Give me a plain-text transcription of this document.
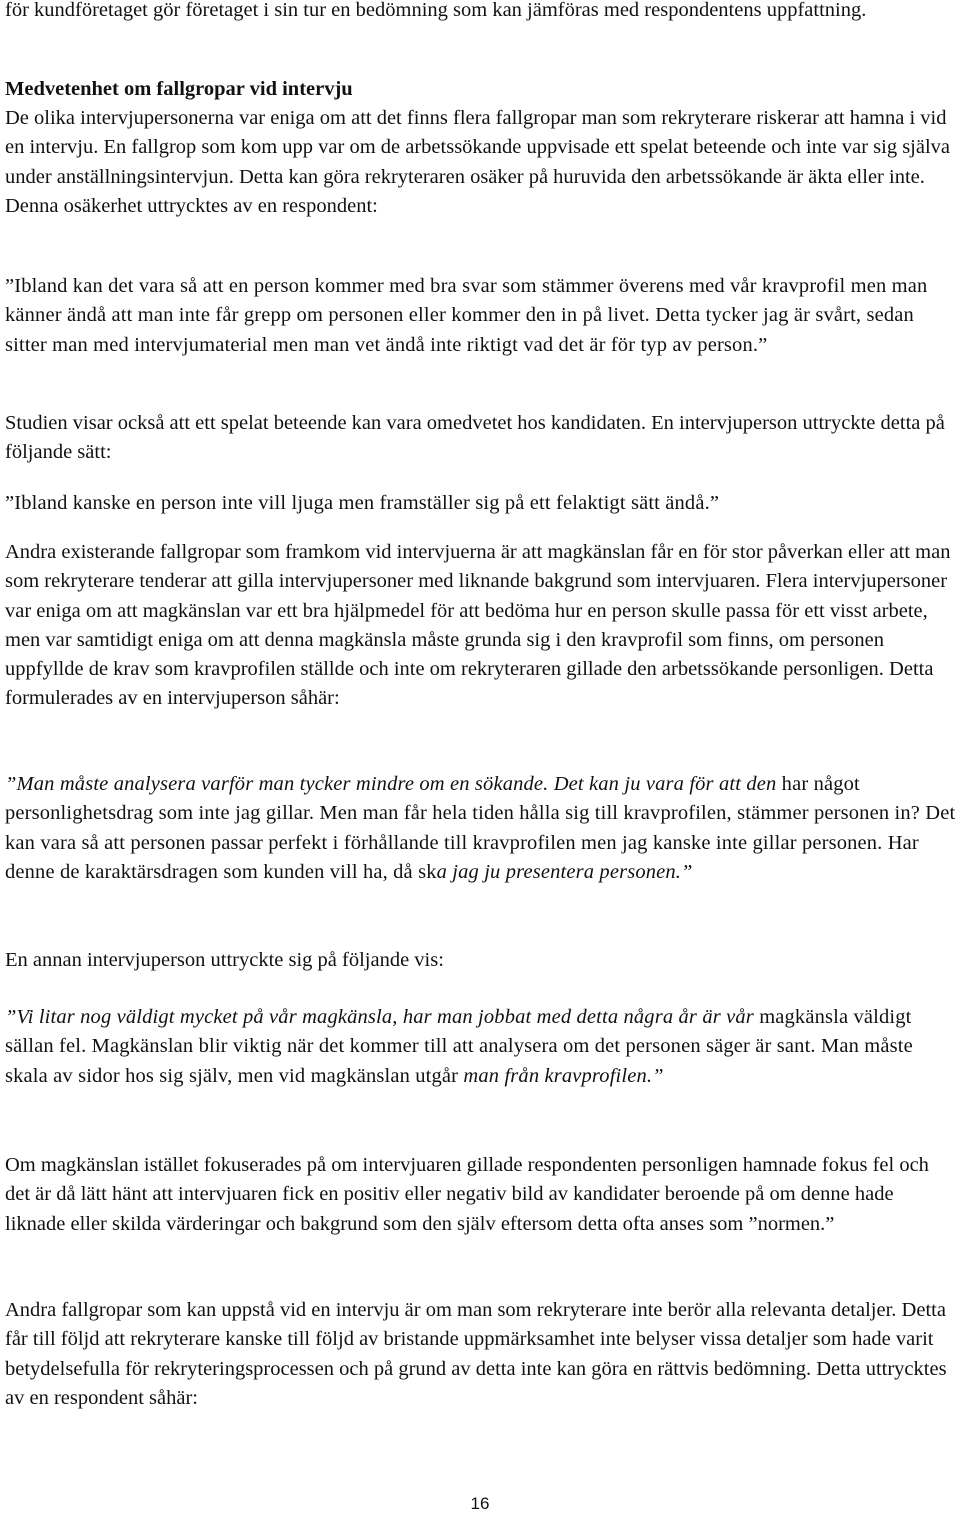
för kundföretaget gör företaget i sin tur en bedömning som kan jämföras med respondentens uppfattning.

Medvetenhet om fallgropar vid intervju

De olika intervjupersonerna var eniga om att det finns flera fallgropar man som rekryterare riskerar att hamna i vid en intervju. En fallgrop som kom upp var om de arbetssökande uppvisade ett spelat beteende och inte var sig själva under anställningsintervjun. Detta kan göra rekryteraren osäker på huruvida den arbetssökande är äkta eller inte. Denna osäkerhet uttrycktes av en respondent:

”Ibland kan det vara så att en person kommer med bra svar som stämmer överens med vår kravprofil men man känner ändå att man inte får grepp om personen eller kommer den in på livet. Detta tycker jag är svårt, sedan sitter man med intervjumaterial men man vet ändå inte riktigt vad det är för typ av person.”

Studien visar också att ett spelat beteende kan vara omedvetet hos kandidaten. En intervjuperson uttryckte detta på följande sätt:

”Ibland kanske en person inte vill ljuga men framställer sig på ett felaktigt sätt ändå.”

Andra existerande fallgropar som framkom vid intervjuerna är att magkänslan får en för stor påverkan eller att man som rekryterare tenderar att gilla intervjupersoner med liknande bakgrund som intervjuaren. Flera intervjupersoner var eniga om att magkänslan var ett bra hjälpmedel för att bedöma hur en person skulle passa för ett visst arbete, men var samtidigt eniga om att denna magkänsla måste grunda sig i den kravprofil som finns, om personen uppfyllde de krav som kravprofilen ställde och inte om rekryteraren gillade den arbetssökande personligen. Detta formulerades av en intervjuperson såhär:

”Man måste analysera varför man tycker mindre om en sökande. Det kan ju vara för att den har något personlighetsdrag som inte jag gillar. Men man får hela tiden hålla sig till kravprofilen, stämmer personen in? Det kan vara så att personen passar perfekt i förhållande till kravprofilen men jag kanske inte gillar personen. Har denne de karaktärsdragen som kunden vill ha, då ska jag ju presentera personen.”

En annan intervjuperson uttryckte sig på följande vis:

”Vi litar nog väldigt mycket på vår magkänsla, har man jobbat med detta några år är vår magkänsla väldigt sällan fel. Magkänslan blir viktig när det kommer till att analysera om det personen säger är sant. Man måste skala av sidor hos sig själv, men vid magkänslan utgår man från kravprofilen.”

Om magkänslan istället fokuserades på om intervjuaren gillade respondenten personligen hamnade fokus fel och det är då lätt hänt att intervjuaren fick en positiv eller negativ bild av kandidater beroende på om denne hade liknade eller skilda värderingar och bakgrund som den själv eftersom detta ofta anses som ”normen.”

Andra fallgropar som kan uppstå vid en intervju är om man som rekryterare inte berör alla relevanta detaljer. Detta får till följd att rekryterare kanske till följd av bristande uppmärksamhet inte belyser vissa detaljer som hade varit betydelsefulla för rekryteringsprocessen och på grund av detta inte kan göra en rättvis bedömning. Detta uttrycktes av en respondent såhär:

16
